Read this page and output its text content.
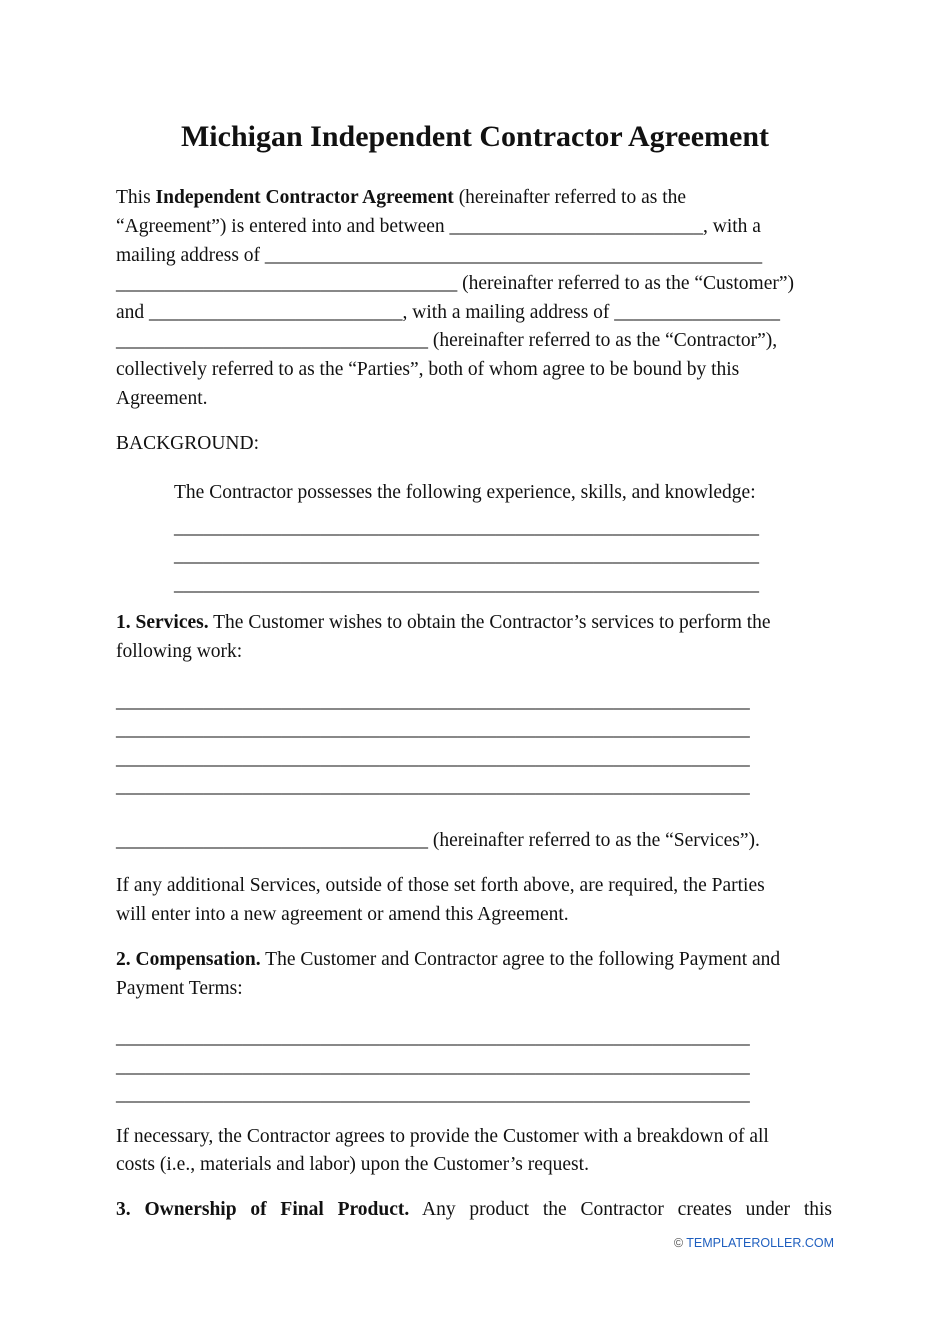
Michigan Independent Contractor Agreement

This Independent Contractor Agreement (hereinafter referred to as the

“Agreement”) is entered into and between __________________________, with a

mailing address of ___________________________________________________

___________________________________ (hereinafter referred to as the “Customer”)

and __________________________, with a mailing address of _________________

________________________________ (hereinafter referred to as the “Contractor”),

collectively referred to as the “Parties”, both of whom agree to be bound by this

Agreement.

BACKGROUND:

The Contractor possesses the following experience, skills, and knowledge:

____________________________________________________________

____________________________________________________________

____________________________________________________________

1. Services. The Customer wishes to obtain the Contractor’s services to perform the

following work:

_________________________________________________________________

_________________________________________________________________

_________________________________________________________________

_________________________________________________________________

________________________________ (hereinafter referred to as the “Services”).

If any additional Services, outside of those set forth above, are required, the Parties

will enter into a new agreement or amend this Agreement.

2. Compensation. The Customer and Contractor agree to the following Payment and

Payment Terms:

_________________________________________________________________

_________________________________________________________________

_________________________________________________________________

If necessary, the Contractor agrees to provide the Customer with a breakdown of all

costs (i.e., materials and labor) upon the Customer’s request.

3. Ownership of Final Product. Any product the Contractor creates under this

© TEMPLATEROLLER.COM
